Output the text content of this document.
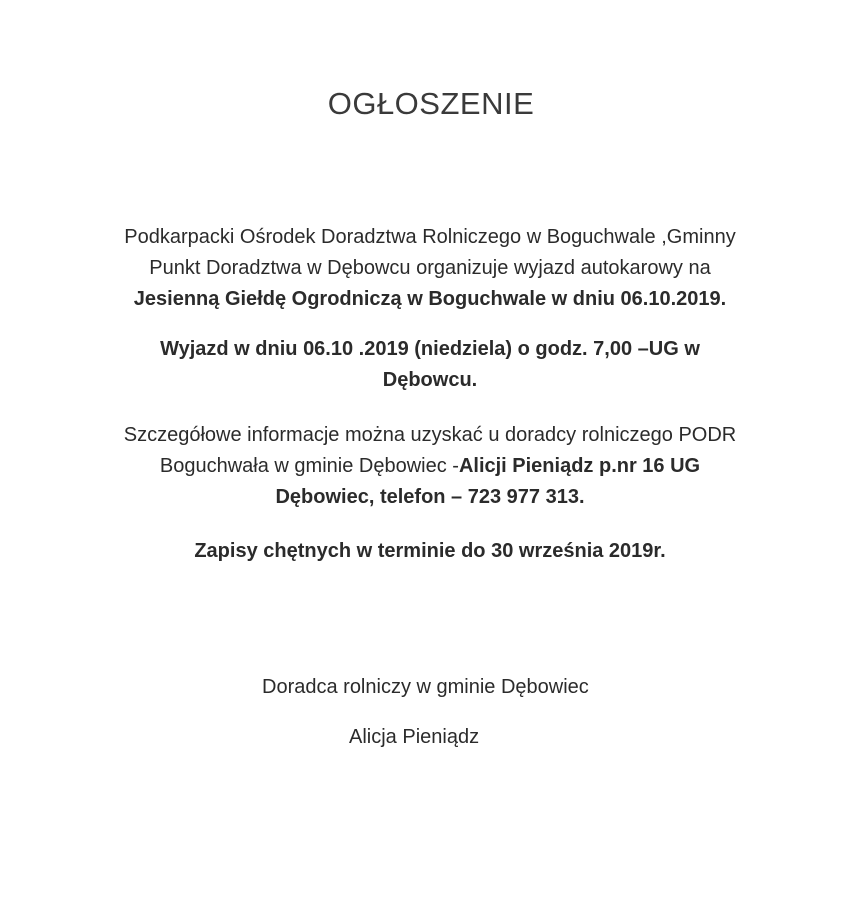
OGŁOSZENIE

Podkarpacki Ośrodek Doradztwa Rolniczego w Boguchwale ,Gminny
Punkt Doradztwa w Dębowcu organizuje wyjazd autokarowy na
Jesienną Giełdę Ogrodniczą w Boguchwale w dniu 06.10.2019.

Wyjazd w dniu 06.10 .2019 (niedziela) o godz. 7,00 –UG w
Dębowcu.

Szczegółowe informacje można uzyskać u doradcy rolniczego PODR
Boguchwała w gminie Dębowiec -Alicji Pieniądz p.nr 16 UG
Dębowiec, telefon – 723 977 313.

Zapisy chętnych w terminie do 30 września 2019r.

Doradca rolniczy w gminie Dębowiec

Alicja Pieniądz
